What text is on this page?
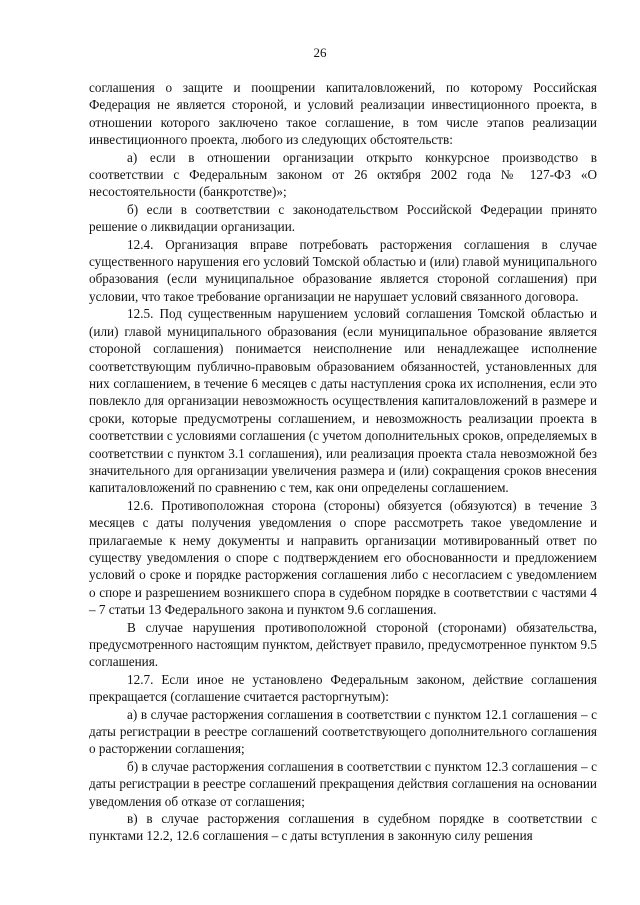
26

соглашения о защите и поощрении капиталовложений, по которому Российская Федерация не является стороной, и условий реализации инвестиционного проекта, в отношении которого заключено такое соглашение, в том числе этапов реализации инвестиционного проекта, любого из следующих обстоятельств:

а) если в отношении организации открыто конкурсное производство в соответствии с Федеральным законом от 26 октября 2002 года № 127-ФЗ «О несостоятельности (банкротстве)»;

б) если в соответствии с законодательством Российской Федерации принято решение о ликвидации организации.

12.4. Организация вправе потребовать расторжения соглашения в случае существенного нарушения его условий Томской областью и (или) главой муниципального образования (если муниципальное образование является стороной соглашения) при условии, что такое требование организации не нарушает условий связанного договора.

12.5. Под существенным нарушением условий соглашения Томской областью и (или) главой муниципального образования (если муниципальное образование является стороной соглашения) понимается неисполнение или ненадлежащее исполнение соответствующим публично-правовым образованием обязанностей, установленных для них соглашением, в течение 6 месяцев с даты наступления срока их исполнения, если это повлекло для организации невозможность осуществления капиталовложений в размере и сроки, которые предусмотрены соглашением, и невозможность реализации проекта в соответствии с условиями соглашения (с учетом дополнительных сроков, определяемых в соответствии с пунктом 3.1 соглашения), или реализация проекта стала невозможной без значительного для организации увеличения размера и (или) сокращения сроков внесения капиталовложений по сравнению с тем, как они определены соглашением.

12.6. Противоположная сторона (стороны) обязуется (обязуются) в течение 3 месяцев с даты получения уведомления о споре рассмотреть такое уведомление и прилагаемые к нему документы и направить организации мотивированный ответ по существу уведомления о споре с подтверждением его обоснованности и предложением условий о сроке и порядке расторжения соглашения либо с несогласием с уведомлением о споре и разрешением возникшего спора в судебном порядке в соответствии с частями 4 – 7 статьи 13 Федерального закона и пунктом 9.6 соглашения.

В случае нарушения противоположной стороной (сторонами) обязательства, предусмотренного настоящим пунктом, действует правило, предусмотренное пунктом 9.5 соглашения.

12.7. Если иное не установлено Федеральным законом, действие соглашения прекращается (соглашение считается расторгнутым):

а) в случае расторжения соглашения в соответствии с пунктом 12.1 соглашения – с даты регистрации в реестре соглашений соответствующего дополнительного соглашения о расторжении соглашения;

б) в случае расторжения соглашения в соответствии с пунктом 12.3 соглашения – с даты регистрации в реестре соглашений прекращения действия соглашения на основании уведомления об отказе от соглашения;

в) в случае расторжения соглашения в судебном порядке в соответствии с пунктами 12.2, 12.6 соглашения – с даты вступления в законную силу решения
